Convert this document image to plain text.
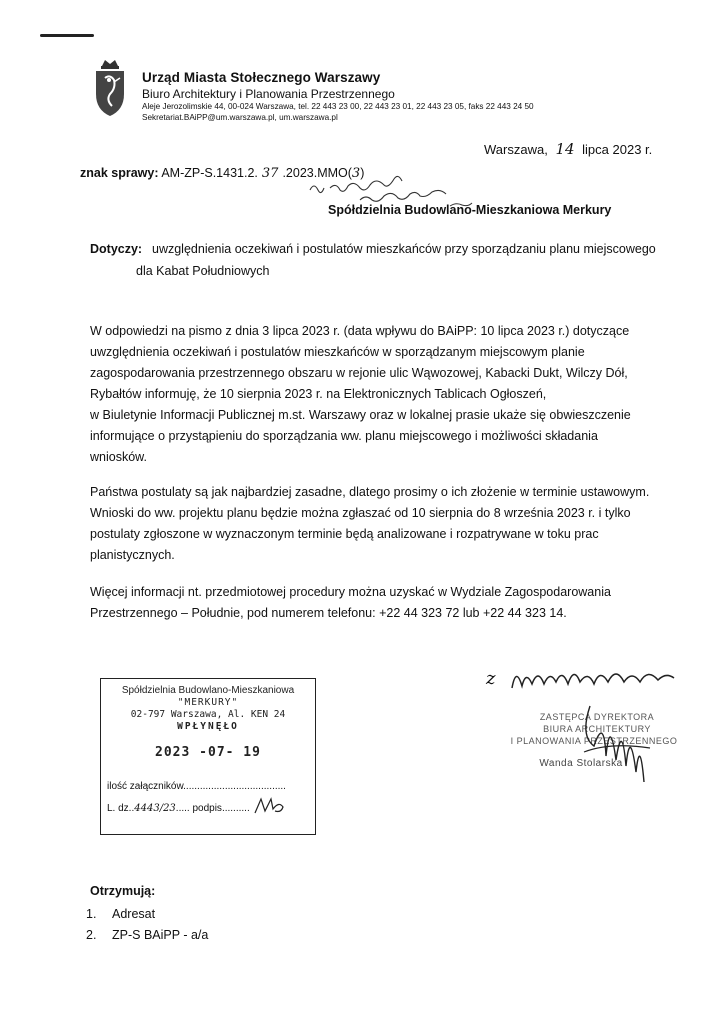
Urząd Miasta Stołecznego Warszawy
Biuro Architektury i Planowania Przestrzennego
Aleje Jerozolimskie 44, 00-024 Warszawa, tel. 22 443 23 00, 22 443 23 01, 22 443 23 05, faks 22 443 24 50
Sekretariat.BAiPP@um.warszawa.pl, um.warszawa.pl
Warszawa, 14 lipca 2023 r.
znak sprawy: AM-ZP-S.1431.2. 37 .2023.MMO(3)
Spółdzielnia Budowlano-Mieszkaniowa Merkury
Dotyczy: uwzględnienia oczekiwań i postulatów mieszkańców przy sporządzaniu planu miejscowego
dla Kabat Południowych
W odpowiedzi na pismo z dnia 3 lipca 2023 r. (data wpływu do BAiPP: 10 lipca 2023 r.) dotyczące
uwzględnienia oczekiwań i postulatów mieszkańców w sporządzanym miejscowym planie
zagospodarowania przestrzennego obszaru w rejonie ulic Wąwozowej, Kabacki Dukt, Wilczy Dół,
Rybałtów informuję, że 10 sierpnia 2023 r. na Elektronicznych Tablicach Ogłoszeń,
w Biuletynie Informacji Publicznej m.st. Warszawy oraz w lokalnej prasie ukaże się obwieszczenie
informujące o przystąpieniu do sporządzania ww. planu miejscowego i możliwości składania
wniosków.
Państwa postulaty są jak najbardziej zasadne, dlatego prosimy o ich złożenie w terminie ustawowym.
Wnioski do ww. projektu planu będzie można zgłaszać od 10 sierpnia do 8 września 2023 r. i tylko
postulaty zgłoszone w wyznaczonym terminie będą analizowane i rozpatrywane w toku prac
planistycznych.
Więcej informacji nt. przedmiotowej procedury można uzyskać w Wydziale Zagospodarowania
Przestrzennego – Południe, pod numerem telefonu: +22 44 323 72 lub +22 44 323 14.
Spółdzielnia Budowlano-Mieszkaniowa
"MERKURY"
02-797 Warszawa, Al. KEN 24
WPŁYNĘŁO
2023 -07- 19
ilość załączników.....................................
L. dz..4443/23..... podpis..........
z
ZASTĘPCA DYREKTORA
BIURA ARCHITEKTURY
I PLANOWANIA PRZESTRZENNEGO
Wanda Stolarska
Otrzymują:
1. Adresat
2. ZP-S BAiPP - a/a
